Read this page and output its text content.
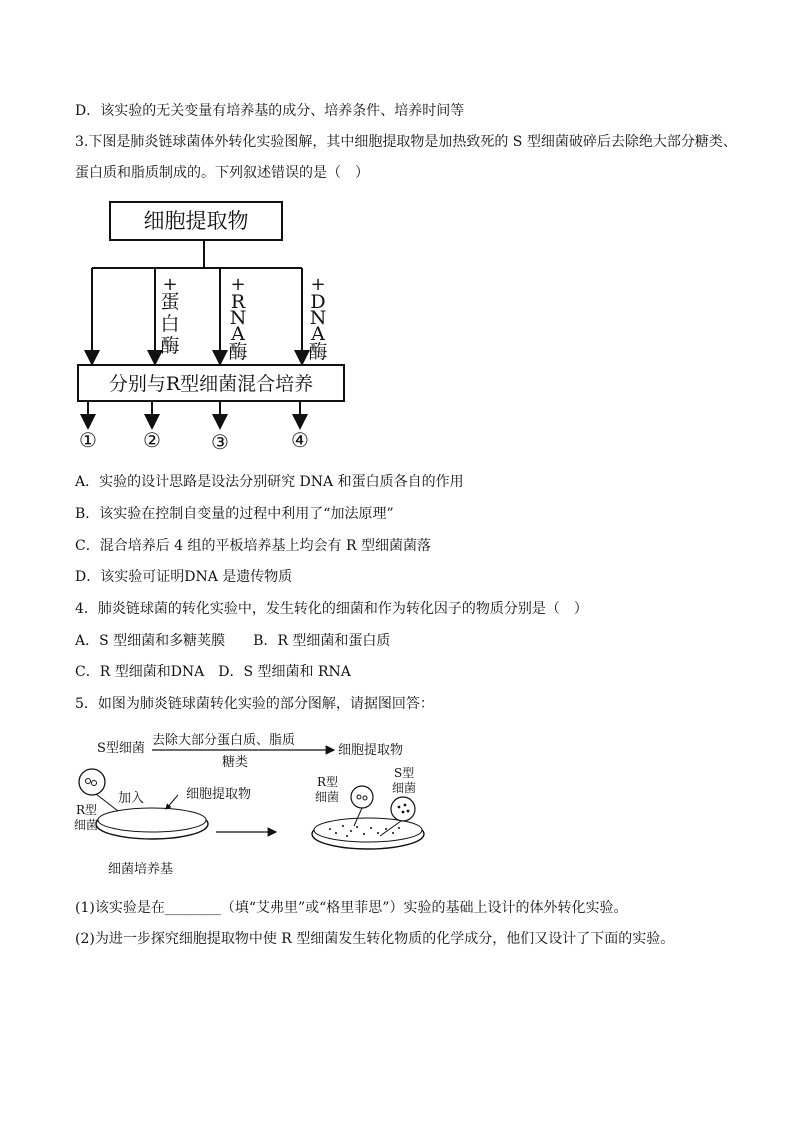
D．该实验的无关变量有培养基的成分、培养条件、培养时间等
3.下图是肺炎链球菌体外转化实验图解，其中细胞提取物是加热致死的 S 型细菌破碎后去除绝大部分糖类、
蛋白质和脂质制成的。下列叙述错误的是（　）
细胞提取物
+
蛋
白
酶
+
R
N
A
酶
+
D
N
A
酶
分别与R型细菌混合培养
① ②	③	④
A．实验的设计思路是设法分别研究 DNA 和蛋白质各自的作用
B．该实验在控制自变量的过程中利用了“加法原理”
C．混合培养后 4 组的平板培养基上均会有 R 型细菌菌落
D．该实验可证明DNA 是遗传物质
4．肺炎链球菌的转化实验中，发生转化的细菌和作为转化因子的物质分别是（　）
A．S 型细菌和多糖荚膜　　B．R 型细菌和蛋白质
C．R 型细菌和DNA　D．S 型细菌和 RNA
5．如图为肺炎链球菌转化实验的部分图解，请据图回答：
S型细菌
去除大部分蛋白质、脂质
糖类
细胞提取物
加入	细胞提取物
R型
细菌
细菌培养基
R型
细菌
S型
细菌
(1)该实验是在________（填“艾弗里”或“格里菲思”）实验的基础上设计的体外转化实验。
(2)为进一步探究细胞提取物中使 R 型细菌发生转化物质的化学成分，他们又设计了下面的实验。
